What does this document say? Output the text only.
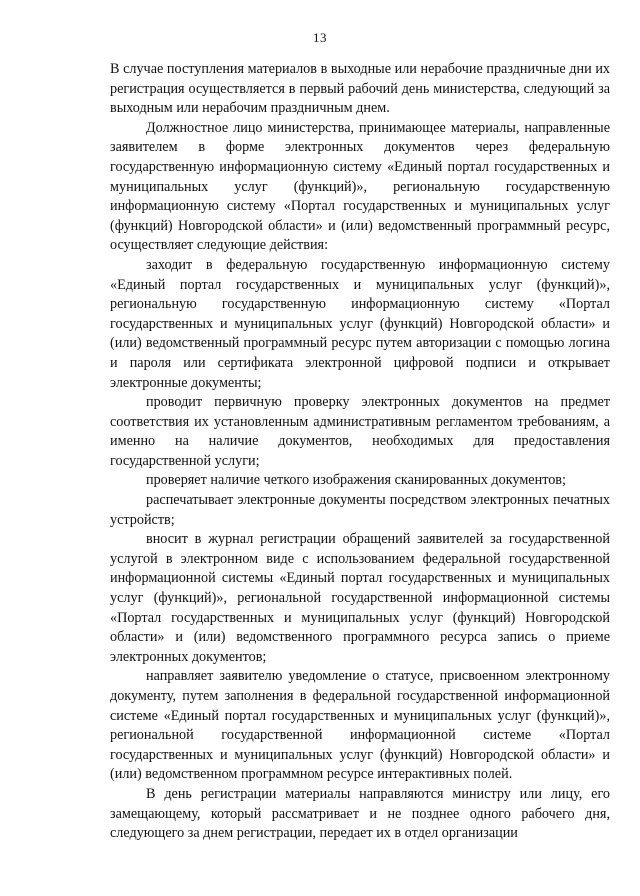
13

В случае поступления материалов в выходные или нерабочие праздничные дни их регистрация осуществляется в первый рабочий день министерства, следующий за выходным или нерабочим праздничным днем.

Должностное лицо министерства, принимающее материалы, направленные заявителем в форме электронных документов через федеральную государственную информационную систему «Единый портал государственных и муниципальных услуг (функций)», региональную государственную информационную систему «Портал государственных и муниципальных услуг (функций) Новгородской области» и (или) ведомственный программный ресурс, осуществляет следующие действия:

заходит в федеральную государственную информационную систему «Единый портал государственных и муниципальных услуг (функций)», региональную государственную информационную систему «Портал государственных и муниципальных услуг (функций) Новгородской области» и (или) ведомственный программный ресурс путем авторизации с помощью логина и пароля или сертификата электронной цифровой подписи и открывает электронные документы;

проводит первичную проверку электронных документов на предмет соответствия их установленным административным регламентом требованиям, а именно на наличие документов, необходимых для предоставления государственной услуги;

проверяет наличие четкого изображения сканированных документов;

распечатывает электронные документы посредством электронных печатных устройств;

вносит в журнал регистрации обращений заявителей за государственной услугой в электронном виде с использованием федеральной государственной информационной системы «Единый портал государственных и муниципальных услуг (функций)», региональной государственной информационной системы «Портал государственных и муниципальных услуг (функций) Новгородской области» и (или) ведомственного программного ресурса запись о приеме электронных документов;

направляет заявителю уведомление о статусе, присвоенном электронному документу, путем заполнения в федеральной государственной информационной системе «Единый портал государственных и муниципальных услуг (функций)», региональной государственной информационной системе «Портал государственных и муниципальных услуг (функций) Новгородской области» и (или) ведомственном программном ресурсе интерактивных полей.

В день регистрации материалы направляются министру или лицу, его замещающему, который рассматривает и не позднее одного рабочего дня, следующего за днем регистрации, передает их в отдел организации
